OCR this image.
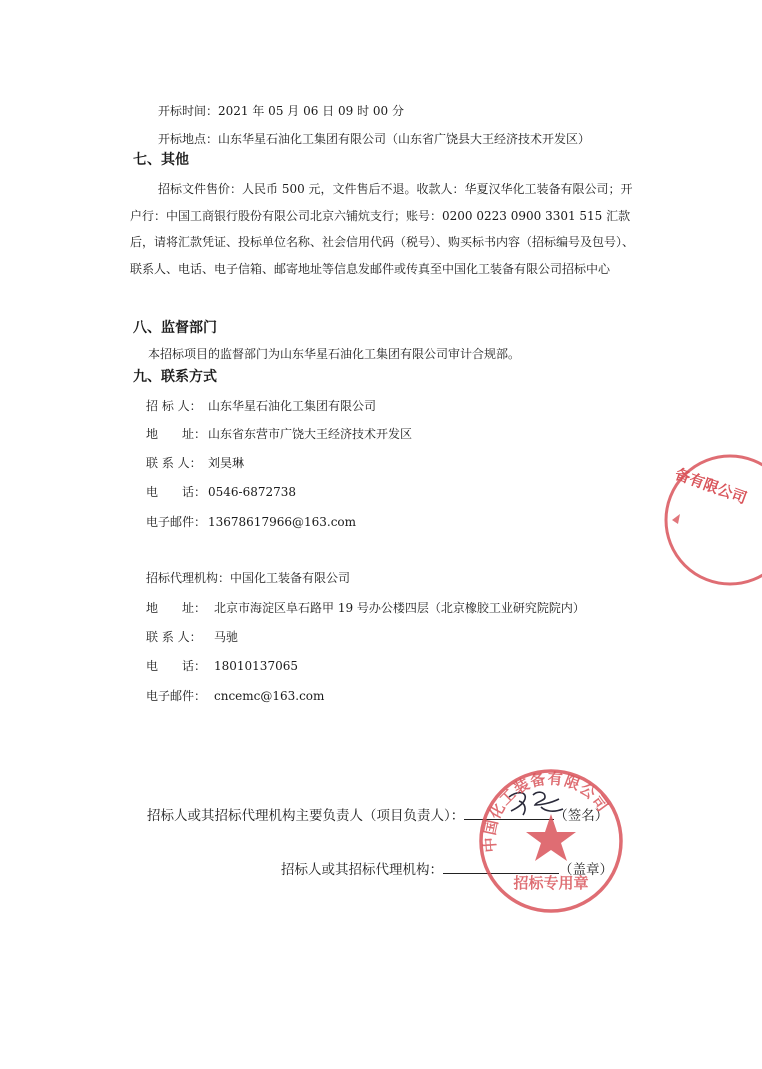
开标时间：2021 年 05 月 06 日 09 时 00 分
开标地点：山东华星石油化工集团有限公司（山东省广饶县大王经济技术开发区）
七、其他
招标文件售价：人民币 500 元，文件售后不退。收款人：华夏汉华化工装备有限公司；开户行：中国工商银行股份有限公司北京六铺炕支行；账号：0200 0223 0900 3301 515 汇款后，请将汇款凭证、投标单位名称、社会信用代码（税号）、购买标书内容（招标编号及包号）、联系人、电话、电子信箱、邮寄地址等信息发邮件或传真至中国化工装备有限公司招标中心
八、监督部门
本招标项目的监督部门为山东华星石油化工集团有限公司审计合规部。
九、联系方式
招 标 人： 山东华星石油化工集团有限公司
地　　址： 山东省东营市广饶大王经济技术开发区
联 系 人： 刘昊琳
电　　话： 0546-6872738
电子邮件： 13678617966@163.com
招标代理机构：中国化工装备有限公司
地　　址： 北京市海淀区阜石路甲 19 号办公楼四层（北京橡胶工业研究院院内）
联 系 人： 马驰
电　　话： 18010137065
电子邮件： cncemc@163.com
招标人或其招标代理机构主要负责人（项目负责人）：	（签名）
招标人或其招标代理机构：	（盖章）
备有限公司
中国化工装备有限公司
招标专用章
